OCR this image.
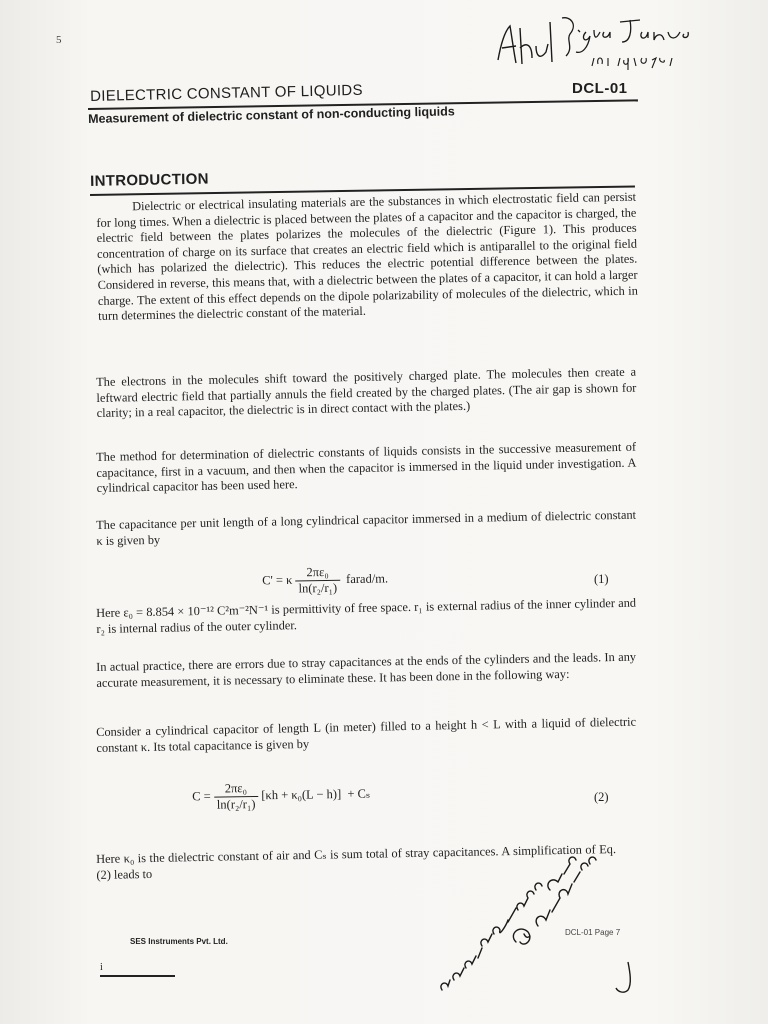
5
DCL-01
DIELECTRIC CONSTANT OF LIQUIDS
Measurement of dielectric constant of non-conducting liquids
INTRODUCTION
Dielectric or electrical insulating materials are the substances in which electrostatic field can persist for long times. When a dielectric is placed between the plates of a capacitor and the capacitor is charged, the electric field between the plates polarizes the molecules of the dielectric (Figure 1). This produces concentration of charge on its surface that creates an electric field which is antiparallel to the original field (which has polarized the dielectric). This reduces the electric potential difference between the plates. Considered in reverse, this means that, with a dielectric between the plates of a capacitor, it can hold a larger charge. The extent of this effect depends on the dipole polarizability of molecules of the dielectric, which in turn determines the dielectric constant of the material.
The electrons in the molecules shift toward the positively charged plate. The molecules then create a leftward electric field that partially annuls the field created by the charged plates. (The air gap is shown for clarity; in a real capacitor, the dielectric is in direct contact with the plates.)
The method for determination of dielectric constants of liquids consists in the successive measurement of capacitance, first in a vacuum, and then when the capacitor is immersed in the liquid under investigation. A cylindrical capacitor has been used here.
The capacitance per unit length of a long cylindrical capacitor immersed in a medium of dielectric constant κ is given by
C' = κ $\frac{\text{2πε₀}}{\text{ln(r₂/r₁)}}$ farad/m.	(1)
Here ε₀ = 8.854 × 10⁻¹² C²m⁻²N⁻¹ is permittivity of free space. r₁ is external radius of the inner cylinder and r₂ is internal radius of the outer cylinder.
In actual practice, there are errors due to stray capacitances at the ends of the cylinders and the leads. In any accurate measurement, it is necessary to eliminate these. It has been done in the following way:
Consider a cylindrical capacitor of length L (in meter) filled to a height h < L with a liquid of dielectric constant κ. Its total capacitance is given by
$C = \frac{\text{2πε₀}}{\text{ln(r₂/r₁)}} [\kappa h + \kappa_0(L - h)] + C_s$	(2)
Here κ₀ is the dielectric constant of air and Cₛ is sum total of stray capacitances. A simplification of Eq.(2) leads to
SES Instruments Pvt. Ltd.
DCL-01 Page 7
i
